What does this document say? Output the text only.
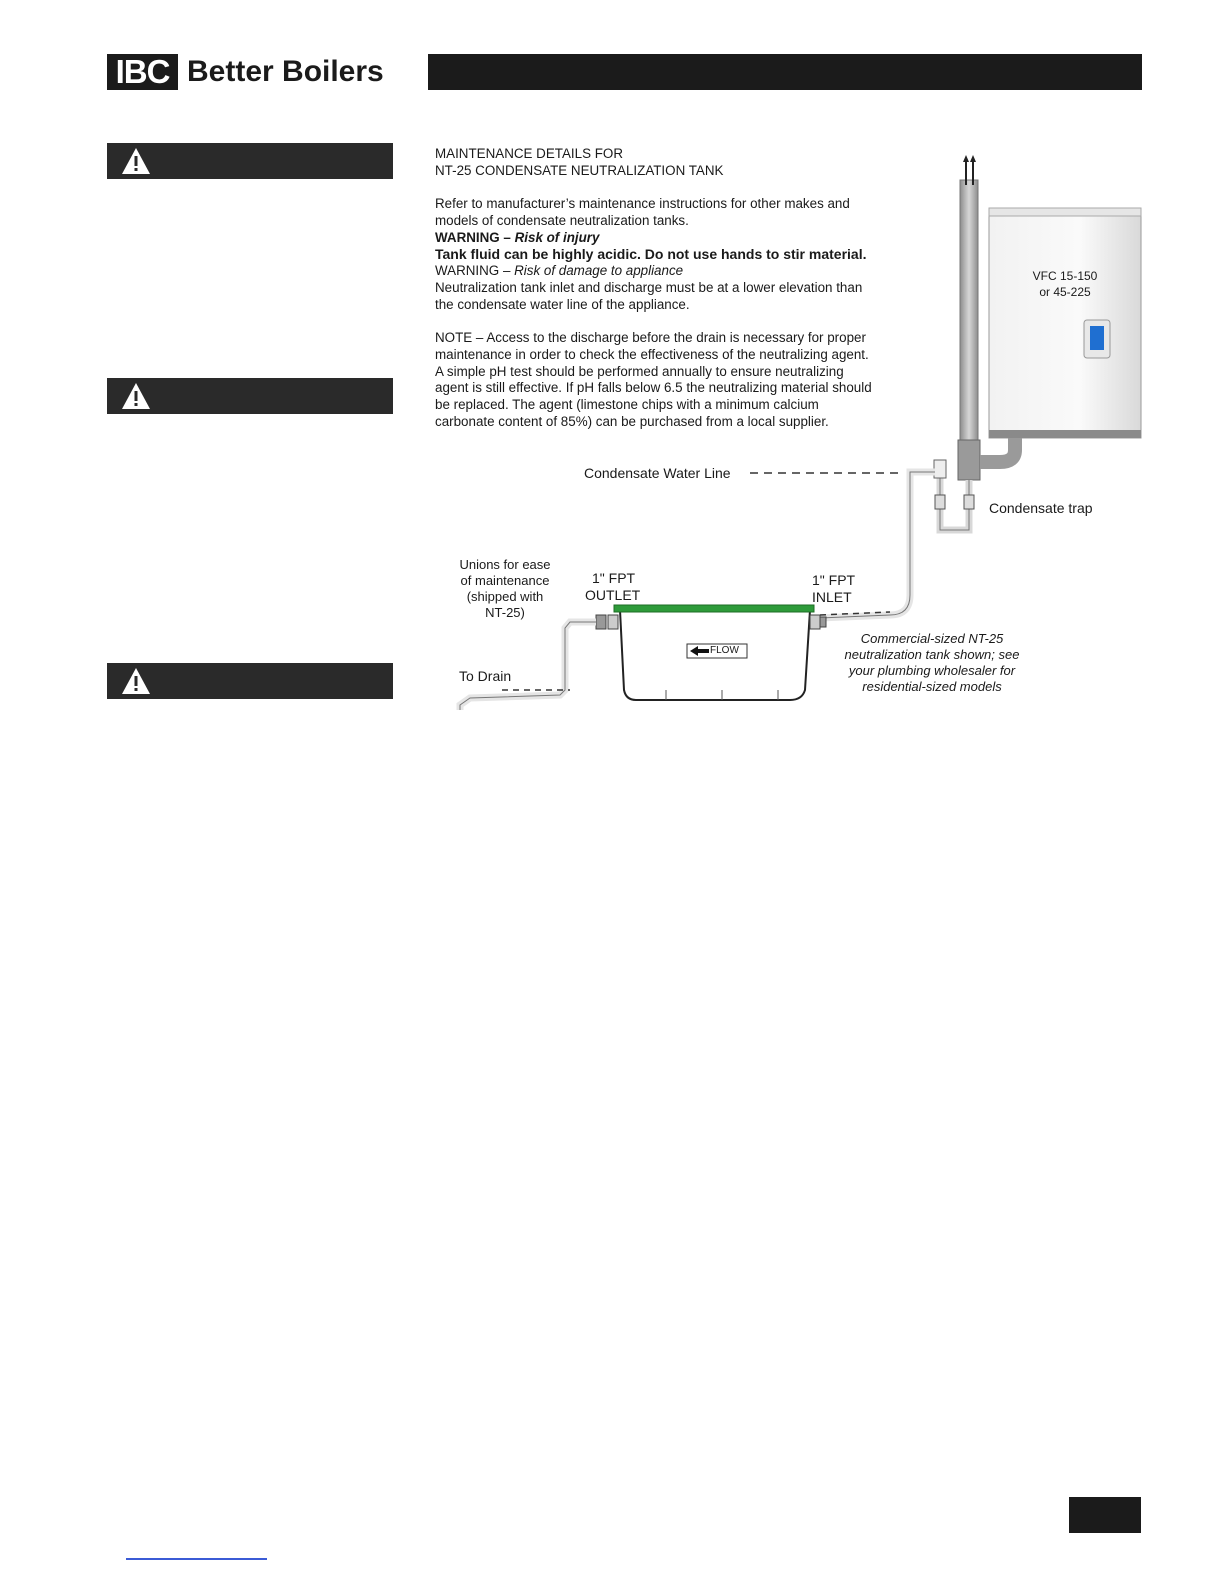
IBC Better Boilers

MAINTENANCE DETAILS FOR

NT-25 CONDENSATE NEUTRALIZATION TANK

Refer to manufacturer’s maintenance instructions for other makes and models of condensate neutralization tanks.

WARNING – Risk of injury

Tank fluid can be highly acidic. Do not use hands to stir material.

WARNING – Risk of damage to appliance

Neutralization tank inlet and discharge must be at a lower elevation than the condensate water line of the appliance.

NOTE – Access to the discharge before the drain is necessary for proper maintenance in order to check the effectiveness of the neutralizing agent. A simple pH test should be performed annually to ensure neutralizing agent is still effective. If pH falls below 6.5 the neutralizing material should be replaced. The agent (limestone chips with a minimum calcium carbonate content of 85%) can be purchased from a local supplier.

VFC 15-150
or 45-225
Condensate Water Line
Condensate trap
Unions for ease
of maintenance
(shipped with
NT-25)
1" FPT
OUTLET
1" FPT
INLET
FLOW
To Drain
Commercial-sized NT-25
neutralization tank shown; see
your plumbing wholesaler for
residential-sized models
